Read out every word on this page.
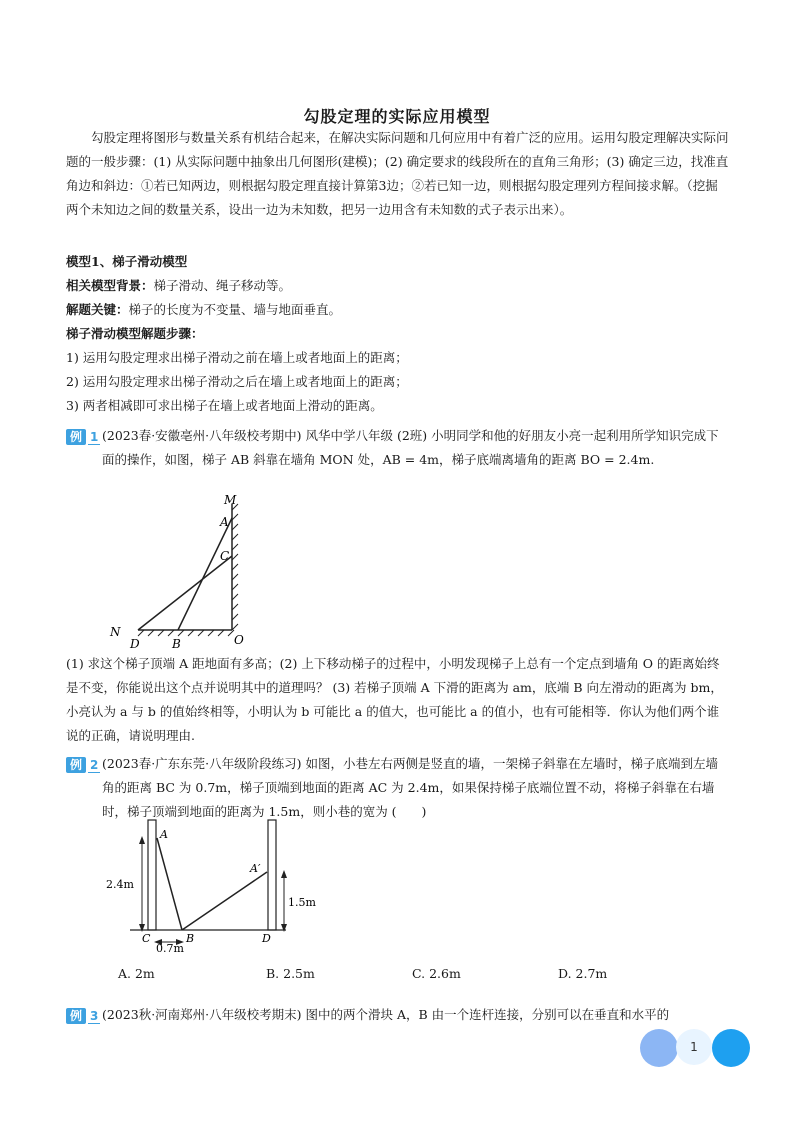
勾股定理的实际应用模型
勾股定理将图形与数量关系有机结合起来，在解决实际问题和几何应用中有着广泛的应用。运用勾股定理解决实际问题的一般步骤：(1) 从实际问题中抽象出几何图形(建模)；(2) 确定要求的线段所在的直角三角形；(3) 确定三边，找准直角边和斜边：①若已知两边，则根据勾股定理直接计算第3边；②若已知一边，则根据勾股定理列方程间接求解。（挖掘两个未知边之间的数量关系，设出一边为未知数，把另一边用含有未知数的式子表示出来）。
模型1、梯子滑动模型
相关模型背景：梯子滑动、绳子移动等。
解题关键：梯子的长度为不变量、墙与地面垂直。
梯子滑动模型解题步骤：
1) 运用勾股定理求出梯子滑动之前在墙上或者地面上的距离；
2) 运用勾股定理求出梯子滑动之后在墙上或者地面上的距离；
3) 两者相减即可求出梯子在墙上或者地面上滑动的距离。
例 1 (2023春·安徽亳州·八年级校考期中) 风华中学八年级 (2班) 小明同学和他的好朋友小亮一起利用所学知识完成下面的操作，如图，梯子 AB 斜靠在墙角 MON 处，AB = 4m，梯子底端离墙角的距离 BO = 2.4m.
M
A
C
N
D	B	O
(1) 求这个梯子顶端 A 距地面有多高；(2) 上下移动梯子的过程中，小明发现梯子上总有一个定点到墙角 O 的距离始终是不变，你能说出这个点并说明其中的道理吗？ (3) 若梯子顶端 A 下滑的距离为 am，底端 B 向左滑动的距离为 bm，小亮认为 a 与 b 的值始终相等，小明认为 b 可能比 a 的值大，也可能比 a 的值小，也有可能相等．你认为他们两个谁说的正确，请说明理由.
例 2 (2023春·广东东莞·八年级阶段练习) 如图，小巷左右两侧是竖直的墙，一架梯子斜靠在左墙时，梯子底端到左墙角的距离 BC 为 0.7m，梯子顶端到地面的距离 AC 为 2.4m，如果保持梯子底端位置不动，将梯子斜靠在右墙时，梯子顶端到地面的距离为 1.5m，则小巷的宽为 (　　)
A
A′
C	B	D
2.4m
1.5m
0.7m
A. 2m	B. 2.5m	C. 2.6m	D. 2.7m
例 3 (2023秋·河南郑州·八年级校考期末) 图中的两个滑块 A，B 由一个连杆连接，分别可以在垂直和水平的
1
